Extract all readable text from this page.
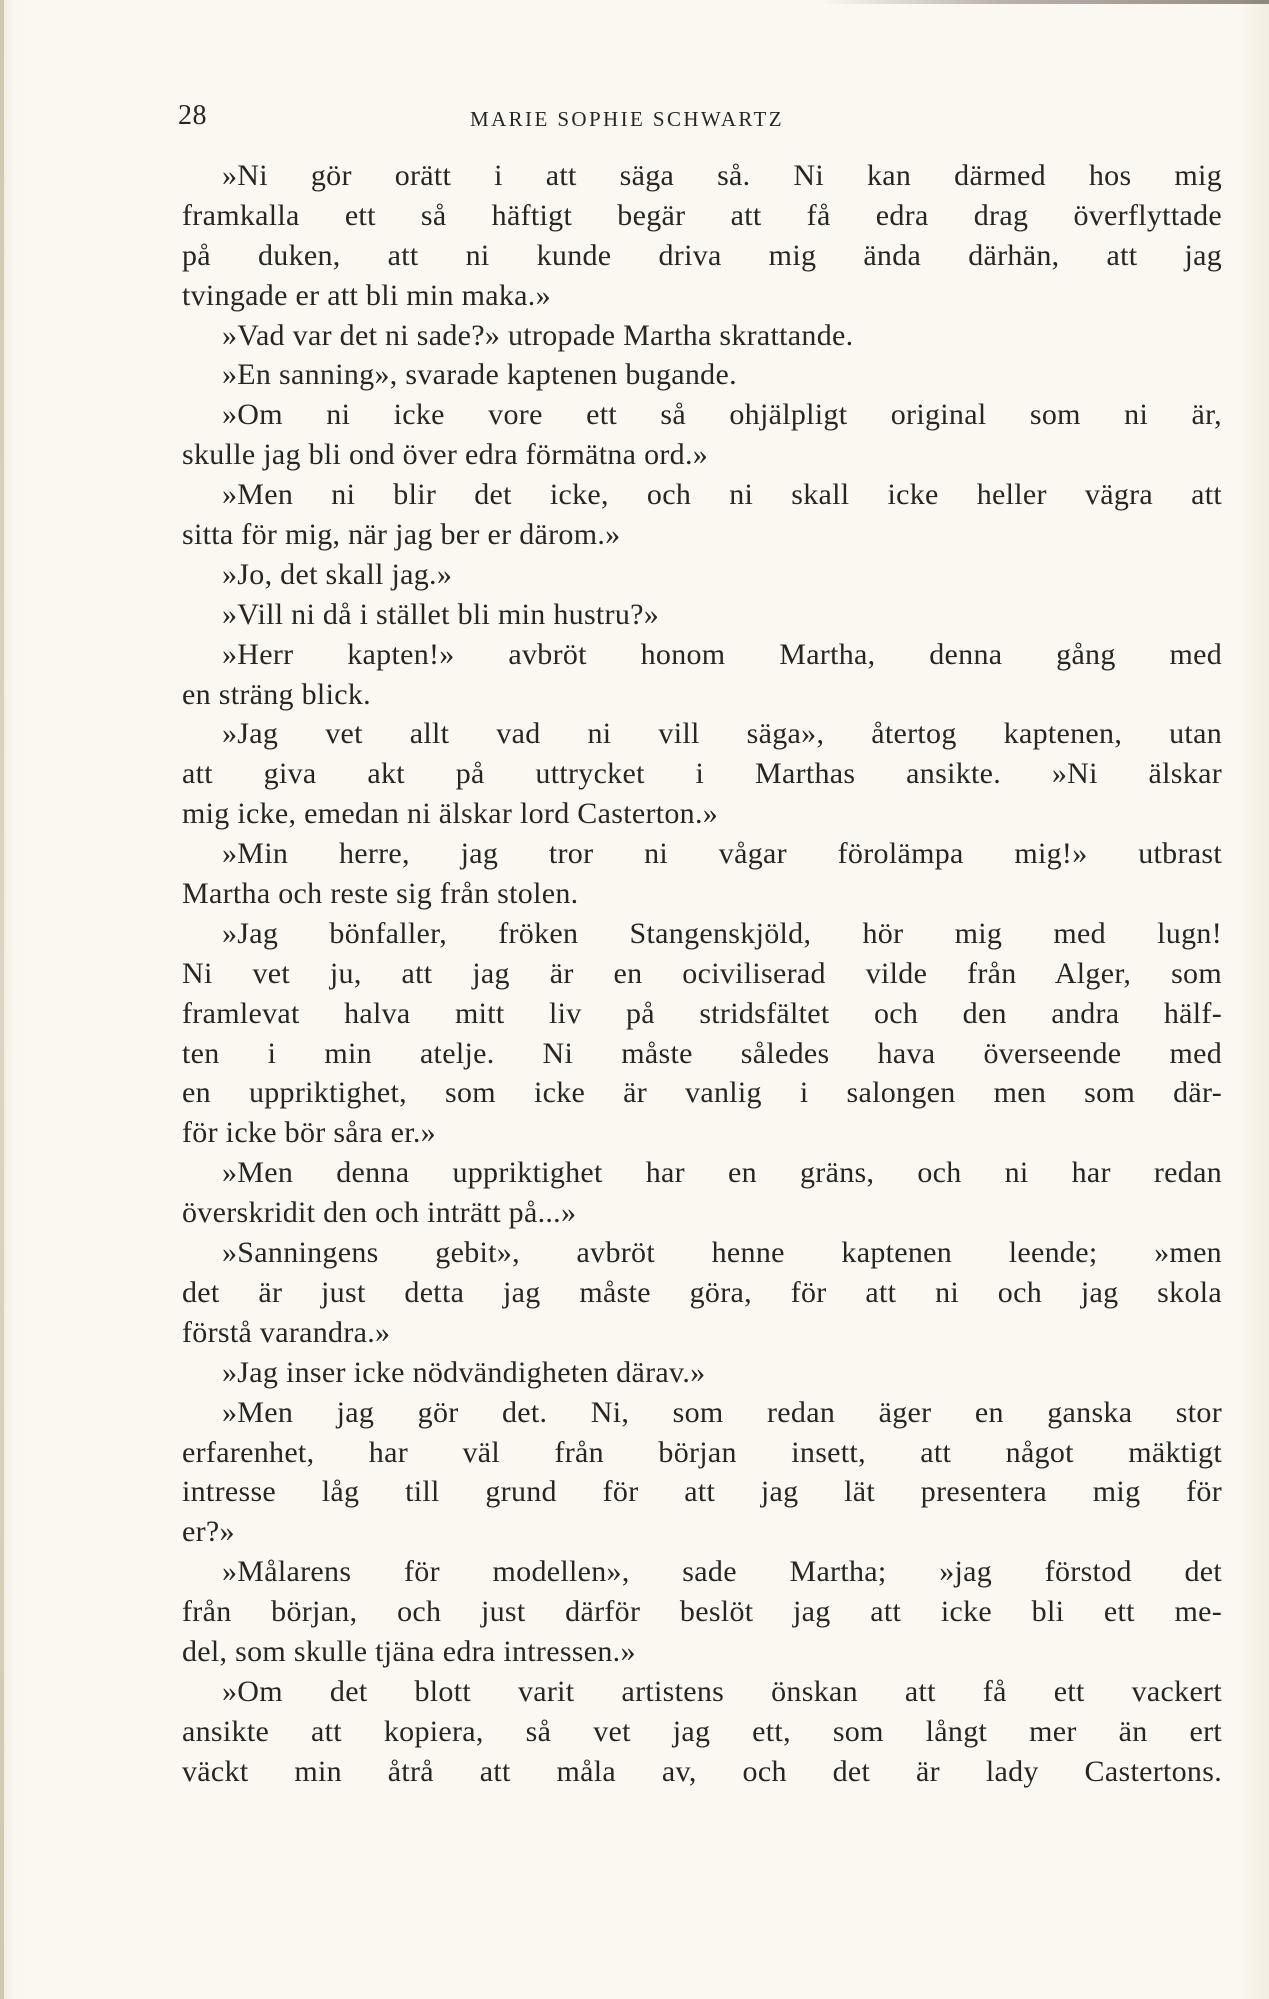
28	MARIE SOPHIE SCHWARTZ
»Ni gör orätt i att säga så. Ni kan därmed hos mig
framkalla ett så häftigt begär att få edra drag överflyttade
på duken, att ni kunde driva mig ända därhän, att jag
tvingade er att bli min maka.»
»Vad var det ni sade?» utropade Martha skrattande.
»En sanning», svarade kaptenen bugande.
»Om ni icke vore ett så ohjälpligt original som ni är,
skulle jag bli ond över edra förmätna ord.»
»Men ni blir det icke, och ni skall icke heller vägra att
sitta för mig, när jag ber er därom.»
»Jo, det skall jag.»
»Vill ni då i stället bli min hustru?»
»Herr kapten!» avbröt honom Martha, denna gång med
en sträng blick.
»Jag vet allt vad ni vill säga», återtog kaptenen, utan
att giva akt på uttrycket i Marthas ansikte. »Ni älskar
mig icke, emedan ni älskar lord Casterton.»
»Min herre, jag tror ni vågar förolämpa mig!» utbrast
Martha och reste sig från stolen.
»Jag bönfaller, fröken Stangenskjöld, hör mig med lugn!
Ni vet ju, att jag är en ociviliserad vilde från Alger, som
framlevat halva mitt liv på stridsfältet och den andra hälf-
ten i min atelje. Ni måste således hava överseende med
en uppriktighet, som icke är vanlig i salongen men som där-
för icke bör såra er.»
»Men denna uppriktighet har en gräns, och ni har redan
överskridit den och inträtt på...»
»Sanningens gebit», avbröt henne kaptenen leende; »men
det är just detta jag måste göra, för att ni och jag skola
förstå varandra.»
»Jag inser icke nödvändigheten därav.»
»Men jag gör det. Ni, som redan äger en ganska stor
erfarenhet, har väl från början insett, att något mäktigt
intresse låg till grund för att jag lät presentera mig för
er?»
»Målarens för modellen», sade Martha; »jag förstod det
från början, och just därför beslöt jag att icke bli ett me-
del, som skulle tjäna edra intressen.»
»Om det blott varit artistens önskan att få ett vackert
ansikte att kopiera, så vet jag ett, som långt mer än ert
väckt min åtrå att måla av, och det är lady Castertons.
